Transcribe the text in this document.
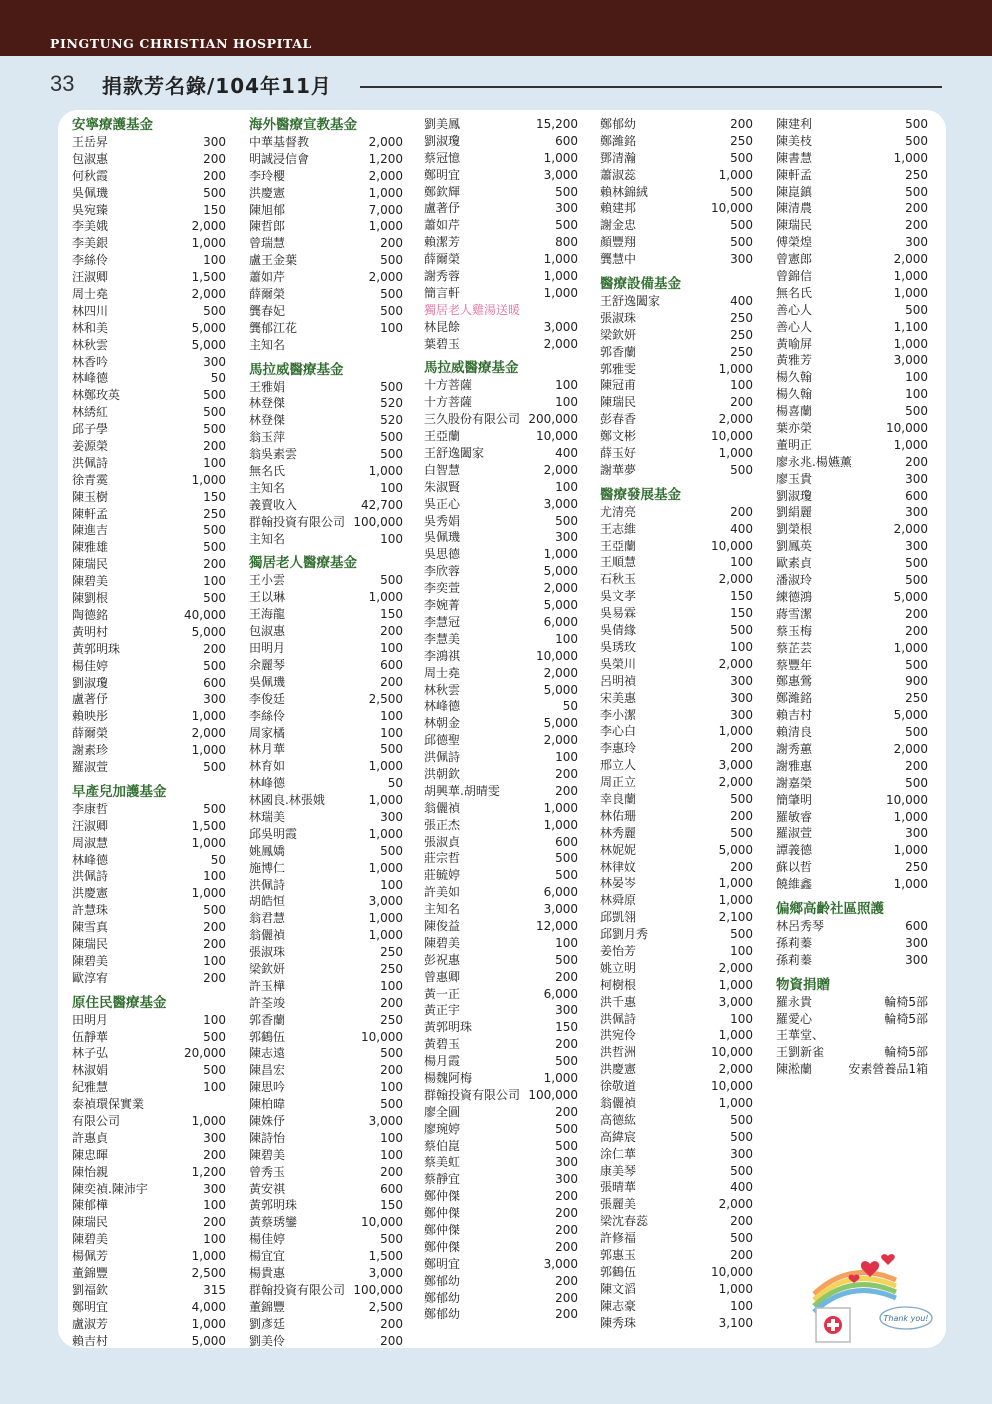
PINGTUNG CHRISTIAN HOSPITAL
33 捐款芳名錄/104年11月
安寧療護基金
王岳昇	300
包淑惠	200
何秋霞	200
吳佩璣	500
吳宛臻	150
李美娥	2,000
李美銀	1,000
李絲伶	100
汪淑卿	1,500
周士堯	2,000
林四川	500
林和美	5,000
林秋雲	5,000
林香吟	300
林峰德	50
林鄭玫英	500
林綉紅	500
邱子學	500
姜源榮	200
洪佩詩	100
徐青霙	1,000
陳玉樹	150
陳軒孟	250
陳進吉	500
陳雅雄	500
陳瑞民	200
陳碧美	100
陳劉根	500
陶德銘	40,000
黃明村	5,000
黃郭明珠	200
楊佳婷	500
劉淑瓊	600
盧著伃	300
賴映彤	1,000
薛爾榮	2,000
謝素珍	1,000
羅淑萱	500
早產兒加護基金
李康哲	500
汪淑卿	1,500
周淑慧	1,000
林峰德	50
洪佩詩	100
洪慶憲	1,000
許慧珠	500
陳雪真	200
陳瑞民	200
陳碧美	100
歐淳宥	200
原住民醫療基金
田明月	100
伍靜華	500
林子弘	20,000
林淑娟	500
紀雅慧	100
泰禎環保實業
有限公司	1,000
許惠貞	300
陳忠暉	200
陳怡親	1,200
陳奕禎.陳沛宇	300
陳郁樺	100
陳瑞民	200
陳碧美	100
楊佩芳	1,000
董錦豐	2,500
劉福欽	315
鄭明宜	4,000
盧淑芳	1,000
賴吉村	5,000
海外醫療宣教基金
中華基督教	2,000
明誠浸信會	1,200
李玲櫻	2,000
洪慶憲	1,000
陳旭郁	7,000
陳哲郎	1,000
曾瑞慧	200
盧王金葉	500
蕭如芹	2,000
薛爾榮	500
龔春妃	500
龔郁江花	100
主知名
馬拉威醫療基金
王雅娟	500
林登傑	520
林登傑	520
翁玉萍	500
翁吳素雲	500
無名氏	1,000
主知名	100
義賣收入	42,700
群翰投資有限公司 100,000
主知名	100
獨居老人醫療基金
王小雲	500
王以琳	1,000
王海龍	150
包淑惠	200
田明月	100
余麗琴	600
吳佩璣	200
李俊廷	2,500
李絲伶	100
周家橘	100
林月華	500
林育如	1,000
林峰德	50
林國良.林張娥	1,000
林瑞美	300
邱吳明霞	1,000
姚鳳嬌	500
施博仁	1,000
洪佩詩	100
胡皓恒	3,000
翁君慧	1,000
翁儷禎	1,000
張淑珠	250
梁欽妍	250
許玉樺	100
許荃竣	200
郭香蘭	250
郭鶴伍	10,000
陳志遠	500
陳昌宏	200
陳思吟	100
陳柏暐	500
陳姝伃	3,000
陳詩怡	100
陳碧美	100
曾秀玉	200
黃安祺	600
黃郭明珠	150
黃蔡琇鑾	10,000
楊佳婷	500
楊宜宜	1,500
楊貴惠	3,000
群翰投資有限公司 100,000
董錦豐	2,500
劉彥廷	200
劉美伶	200
劉美鳳	15,200
劉淑瓊	600
蔡冠憶	1,000
鄭明宜	3,000
鄭欽輝	500
盧著伃	300
蕭如芹	500
賴潔芳	800
薛爾榮	1,000
謝秀蓉	1,000
簡言軒	1,000
獨居老人雞湯送暖
林昆餘	3,000
葉碧玉	2,000
馬拉威醫療基金
十方菩薩	100
十方菩薩	100
三久股份有限公司 200,000
王亞蘭	10,000
王舒逸闔家	400
白智慧	2,000
朱淑賢	100
吳正心	3,000
吳秀娟	500
吳佩璣	300
吳思德	1,000
李欣蓉	5,000
李奕萱	2,000
李婉菁	5,000
李慧冠	6,000
李慧美	100
李鴻祺	10,000
周士堯	2,000
林秋雲	5,000
林峰德	50
林朝金	5,000
邱德聖	2,000
洪佩詩	100
洪朝欽	200
胡興華.胡晴雯	200
翁儷禎	1,000
張正杰	1,000
張淑貞	600
莊宗哲	500
莊毓婷	500
許美如	6,000
主知名	3,000
陳俊益	12,000
陳碧美	100
彭祝惠	500
曾惠卿	200
黃一正	6,000
黃正宇	300
黃郭明珠	150
黃碧玉	200
楊月霞	500
楊魏阿梅	1,000
群翰投資有限公司 100,000
廖全圓	200
廖琬婷	500
蔡伯崑	500
蔡美虹	300
蔡靜宜	300
鄭仲傑	200
鄭仲傑	200
鄭仲傑	200
鄭仲傑	200
鄭明宜	3,000
鄭郁幼	200
鄭郁幼	200
鄭郁幼	200
鄭郁幼	200
鄭濰銘	250
鄧清瀚	500
蕭淑蕊	1,000
賴林錦絨	500
賴建邦	10,000
謝金忠	500
顏豐翔	500
龔慧中	300
醫療設備基金
王舒逸闔家	400
張淑珠	250
梁欽妍	250
郭香蘭	250
郭雅雯	1,000
陳冠甫	100
陳瑞民	200
彭春香	2,000
鄭文彬	10,000
薛玉好	1,000
謝華夢	500
醫療發展基金
尤清亮	200
王志維	400
王亞蘭	10,000
王順慧	100
石秋玉	2,000
吳文孝	150
吳易霖	150
吳倩緣	500
吳琇玫	100
吳榮川	2,000
呂明禎	300
宋美惠	300
李小潔	300
李心白	1,000
李惠玲	200
邢立人	3,000
周正立	2,000
幸良蘭	500
林佑珊	200
林秀麗	500
林妮妮	5,000
林律妏	200
林晏岑	1,000
林舜原	1,000
邱凱翎	2,100
邱劉月秀	500
姜怡芳	100
姚立明	2,000
柯樹根	1,000
洪千惠	3,000
洪佩詩	100
洪宛伶	1,000
洪哲洲	10,000
洪慶憲	2,000
徐敬道	10,000
翁儷禎	1,000
高德紘	500
高緯宸	500
涂仁華	300
康美琴	500
張晴華	400
張麗美	2,000
梁沈春蕊	200
許修福	500
郭惠玉	200
郭鶴伍	10,000
陳文滔	1,000
陳志豪	100
陳秀珠	3,100
陳建利	500
陳美枝	500
陳書慧	1,000
陳軒孟	250
陳崑鎮	500
陳清農	200
陳瑞民	200
傅榮煌	300
曾憲郎	2,000
曾錦信	1,000
無名氏	1,000
善心人	500
善心人	1,100
黃喻屏	1,000
黃雅芳	3,000
楊久翰	100
楊久翰	100
楊喜蘭	500
葉亦榮	10,000
董明正	1,000
廖永兆.楊嬿薰	200
廖玉貴	300
劉淑瓊	600
劉絹麗	300
劉榮根	2,000
劉鳳英	300
歐素貞	500
潘淑玲	500
練德鴻	5,000
蔣雪潔	200
蔡玉梅	200
蔡芷芸	1,000
蔡豐年	500
鄭惠鶯	900
鄭濰銘	250
賴吉村	5,000
賴清良	500
謝秀蕙	2,000
謝雅惠	200
謝嘉榮	500
簡肇明	10,000
羅敏睿	1,000
羅淑萱	300
譚義德	1,000
蘇以哲	250
饒維鑫	1,000
偏鄉高齡社區照護
林呂秀琴	600
孫莉蓁	300
孫莉蓁	300
物資捐贈
羅永貴	輪椅5部
羅愛心	輪椅5部
王華堂、
王劉新雀	輪椅5部
陳淞蘭	安素營養品1箱
Thank you!
